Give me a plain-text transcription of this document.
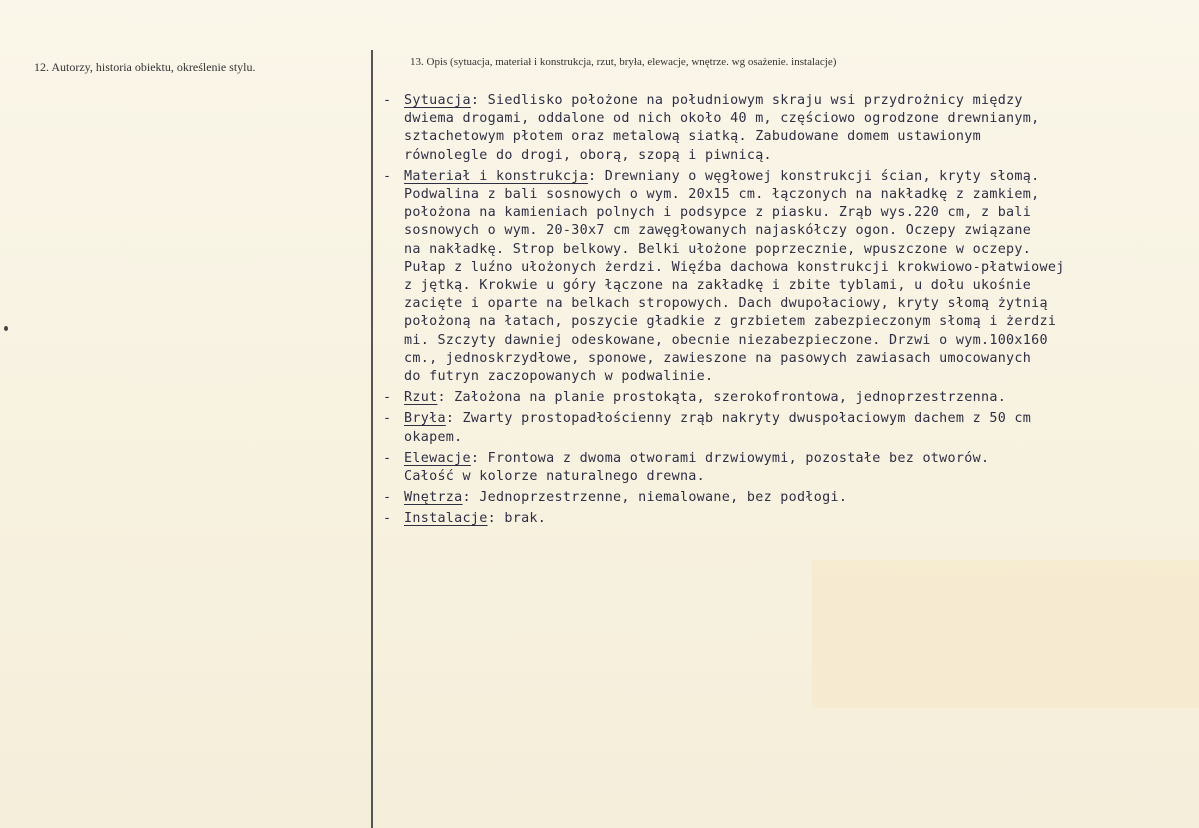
12. Autorzy, historia obiektu, określenie stylu.	13. Opis (sytuacja, materiał i konstrukcja, rzut, bryła, elewacje, wnętrze. wg osażenie. instalacje)
- Sytuacja: Siedlisko położone na południowym skraju wsi przydrożnicy między
dwiema drogami, oddalone od nich około 40 m, częściowo ogrodzone drewnianym,
sztachetowym płotem oraz metalową siatką. Zabudowane domem ustawionym
równolegle do drogi, oborą, szopą i piwnicą.
- Materiał i konstrukcja: Drewniany o węgłowej konstrukcji ścian, kryty słomą.
Podwalina z bali sosnowych o wym. 20x15 cm. łączonych na nakładkę z zamkiem,
położona na kamieniach polnych i podsypce z piasku. Zrąb wys.220 cm, z bali
sosnowych o wym. 20-30x7 cm zawęgłowanych najaskółczy ogon. Oczepy związane
na nakładkę. Strop belkowy. Belki ułożone poprzecznie, wpuszczone w oczepy.
Pułap z luźno ułożonych żerdzi. Więźba dachowa konstrukcji krokwiowo-płatwiowej
z jętką. Krokwie u góry łączone na zakładkę i zbite tyblami, u dołu ukośnie
zacięte i oparte na belkach stropowych. Dach dwupołaciowy, kryty słomą żytnią
położoną na łatach, poszycie gładkie z grzbietem zabezpieczonym słomą i żerdzi
mi. Szczyty dawniej odeskowane, obecnie niezabezpieczone. Drzwi o wym.100x160
cm., jednoskrzydłowe, sponowe, zawieszone na pasowych zawiasach umocowanych
do futryn zaczopowanych w podwalinie.
- Rzut: Założona na planie prostokąta, szerokofrontowa, jednoprzestrzenna.
- Bryła: Zwarty prostopadłościenny zrąb nakryty dwuspołaciowym dachem z 50 cm
okapem.
- Elewacje: Frontowa z dwoma otworami drzwiowymi, pozostałe bez otworów.
Całość w kolorze naturalnego drewna.
- Wnętrza: Jednoprzestrzenne, niemalowane, bez podłogi.
- Instalacje: brak.
